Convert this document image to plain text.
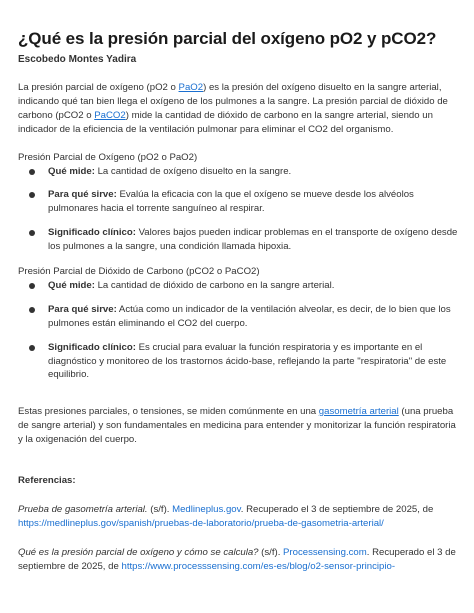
¿Qué es la presión parcial del oxígeno pO2 y pCO2?

Escobedo Montes Yadira

La presión parcial de oxígeno (pO2 o PaO2) es la presión del oxígeno disuelto en la sangre arterial, indicando qué tan bien llega el oxígeno de los pulmones a la sangre. La presión parcial de dióxido de carbono (pCO2 o PaCO2) mide la cantidad de dióxido de carbono en la sangre arterial, siendo un indicador de la eficiencia de la ventilación pulmonar para eliminar el CO2 del organismo.

Presión Parcial de Oxígeno (pO2 o PaO2)

Qué mide: La cantidad de oxígeno disuelto en la sangre.
Para qué sirve: Evalúa la eficacia con la que el oxígeno se mueve desde los alvéolos pulmonares hacia el torrente sanguíneo al respirar.
Significado clínico: Valores bajos pueden indicar problemas en el transporte de oxígeno desde los pulmones a la sangre, una condición llamada hipoxia.

Presión Parcial de Dióxido de Carbono (pCO2 o PaCO2)

Qué mide: La cantidad de dióxido de carbono en la sangre arterial.
Para qué sirve: Actúa como un indicador de la ventilación alveolar, es decir, de lo bien que los pulmones están eliminando el CO2 del cuerpo.
Significado clínico: Es crucial para evaluar la función respiratoria y es importante en el diagnóstico y monitoreo de los trastornos ácido-base, reflejando la parte "respiratoria" de este equilibrio.

Estas presiones parciales, o tensiones, se miden comúnmente en una gasometría arterial (una prueba de sangre arterial) y son fundamentales en medicina para entender y monitorizar la función respiratoria y la oxigenación del cuerpo.

Referencias:

Prueba de gasometría arterial. (s/f). Medlineplus.gov. Recuperado el 3 de septiembre de 2025, de https://medlineplus.gov/spanish/pruebas-de-laboratorio/prueba-de-gasometria-arterial/

Qué es la presión parcial de oxígeno y cómo se calcula? (s/f). Processensing.com. Recuperado el 3 de septiembre de 2025, de https://www.processsensing.com/es-es/blog/o2-sensor-principio-
